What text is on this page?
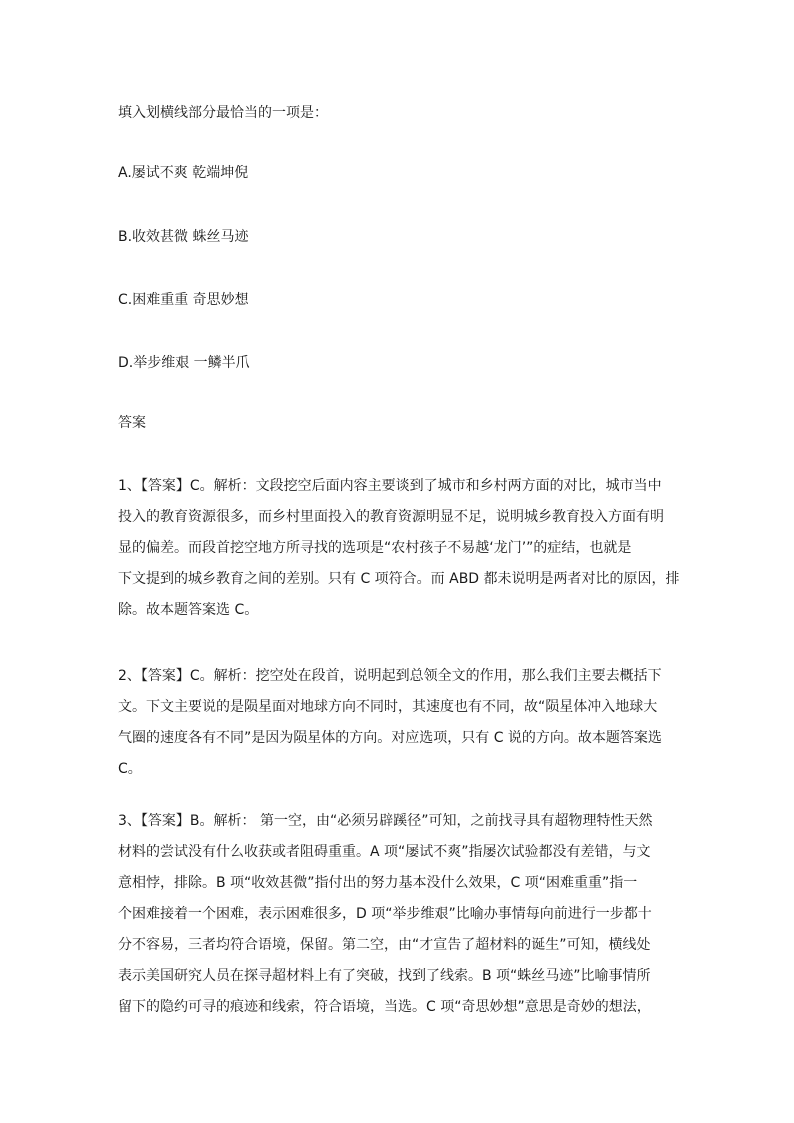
填入划横线部分最恰当的一项是：
A.屡试不爽 乾端坤倪
B.收效甚微 蛛丝马迹
C.困难重重 奇思妙想
D.举步维艰 一鳞半爪
答案
1、【答案】C。解析：文段挖空后面内容主要谈到了城市和乡村两方面的对比，城市当中
投入的教育资源很多，而乡村里面投入的教育资源明显不足，说明城乡教育投入方面有明
显的偏差。而段首挖空地方所寻找的选项是“农村孩子不易越‘龙门’”的症结，也就是
下文提到的城乡教育之间的差别。只有 C 项符合。而 ABD 都未说明是两者对比的原因，排
除。故本题答案选 C。
2、【答案】C。解析：挖空处在段首，说明起到总领全文的作用，那么我们主要去概括下
文。下文主要说的是陨星面对地球方向不同时，其速度也有不同，故“陨星体冲入地球大
气圈的速度各有不同”是因为陨星体的方向。对应选项，只有 C 说的方向。故本题答案选
C。
3、【答案】B。解析： 第一空，由“必须另辟蹊径”可知，之前找寻具有超物理特性天然
材料的尝试没有什么收获或者阻碍重重。A 项“屡试不爽”指屡次试验都没有差错，与文
意相悖，排除。B 项“收效甚微”指付出的努力基本没什么效果，C 项“困难重重”指一
个困难接着一个困难，表示困难很多，D 项“举步维艰”比喻办事情每向前进行一步都十
分不容易，三者均符合语境，保留。第二空，由“才宣告了超材料的诞生”可知，横线处
表示美国研究人员在探寻超材料上有了突破，找到了线索。B 项“蛛丝马迹”比喻事情所
留下的隐约可寻的痕迹和线索，符合语境，当选。C 项“奇思妙想”意思是奇妙的想法，
